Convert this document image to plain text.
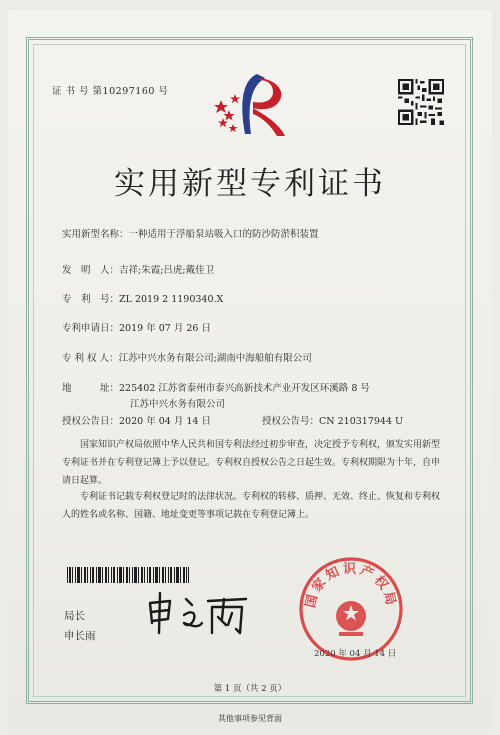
证 书 号 第10297160 号
实用新型专利证书
实用新型名称：一种适用于浮船泵站吸入口的防沙防淤积装置
发　明　人：吉祥;朱霞;吕虎;戴佳卫
专　利　号：ZL 2019 2 1190340.X
专利申请日：2019 年 07 月 26 日
专 利 权 人：江苏中兴水务有限公司;湖南中海船舶有限公司
地　　　址：225402 江苏省泰州市泰兴高新技术产业开发区环溪路 8 号
江苏中兴水务有限公司
授权公告日：2020 年 04 月 14 日	授权公告号：CN 210317944 U
国家知识产权局依照中华人民共和国专利法经过初步审查，决定授予专利权，颁发实用新型专利证书并在专利登记簿上予以登记。专利权自授权公告之日起生效。专利权期限为十年，自申请日起算。
专利证书记载专利权登记时的法律状况。专利权的转移、质押、无效、终止、恢复和专利权人的姓名或名称、国籍、地址变更等事项记载在专利登记簿上。
局长
申长雨
国家知识产权局
2020 年 04 月 14 日
第 1 页（共 2 页）
其他事项参见背面
